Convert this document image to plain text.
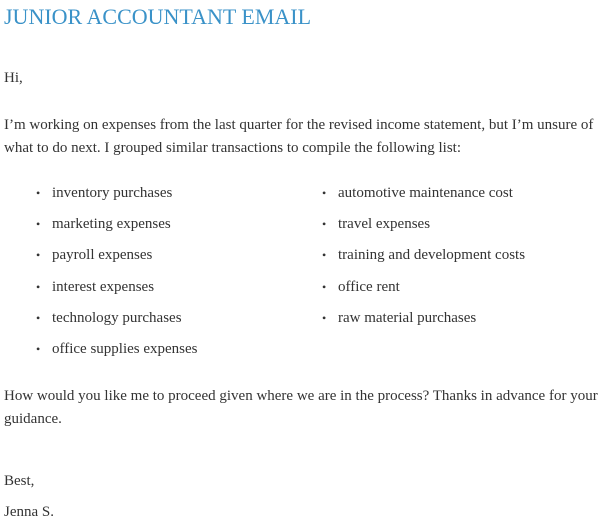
JUNIOR ACCOUNTANT EMAIL
Hi,
I’m working on expenses from the last quarter for the revised income statement, but I’m unsure of what to do next. I grouped similar transactions to compile the following list:
• inventory purchases
• marketing expenses
• payroll expenses
• interest expenses
• technology purchases
• office supplies expenses
• automotive maintenance cost
• travel expenses
• training and development costs
• office rent
• raw material purchases
How would you like me to proceed given where we are in the process? Thanks in advance for your guidance.
Best,
Jenna S.
